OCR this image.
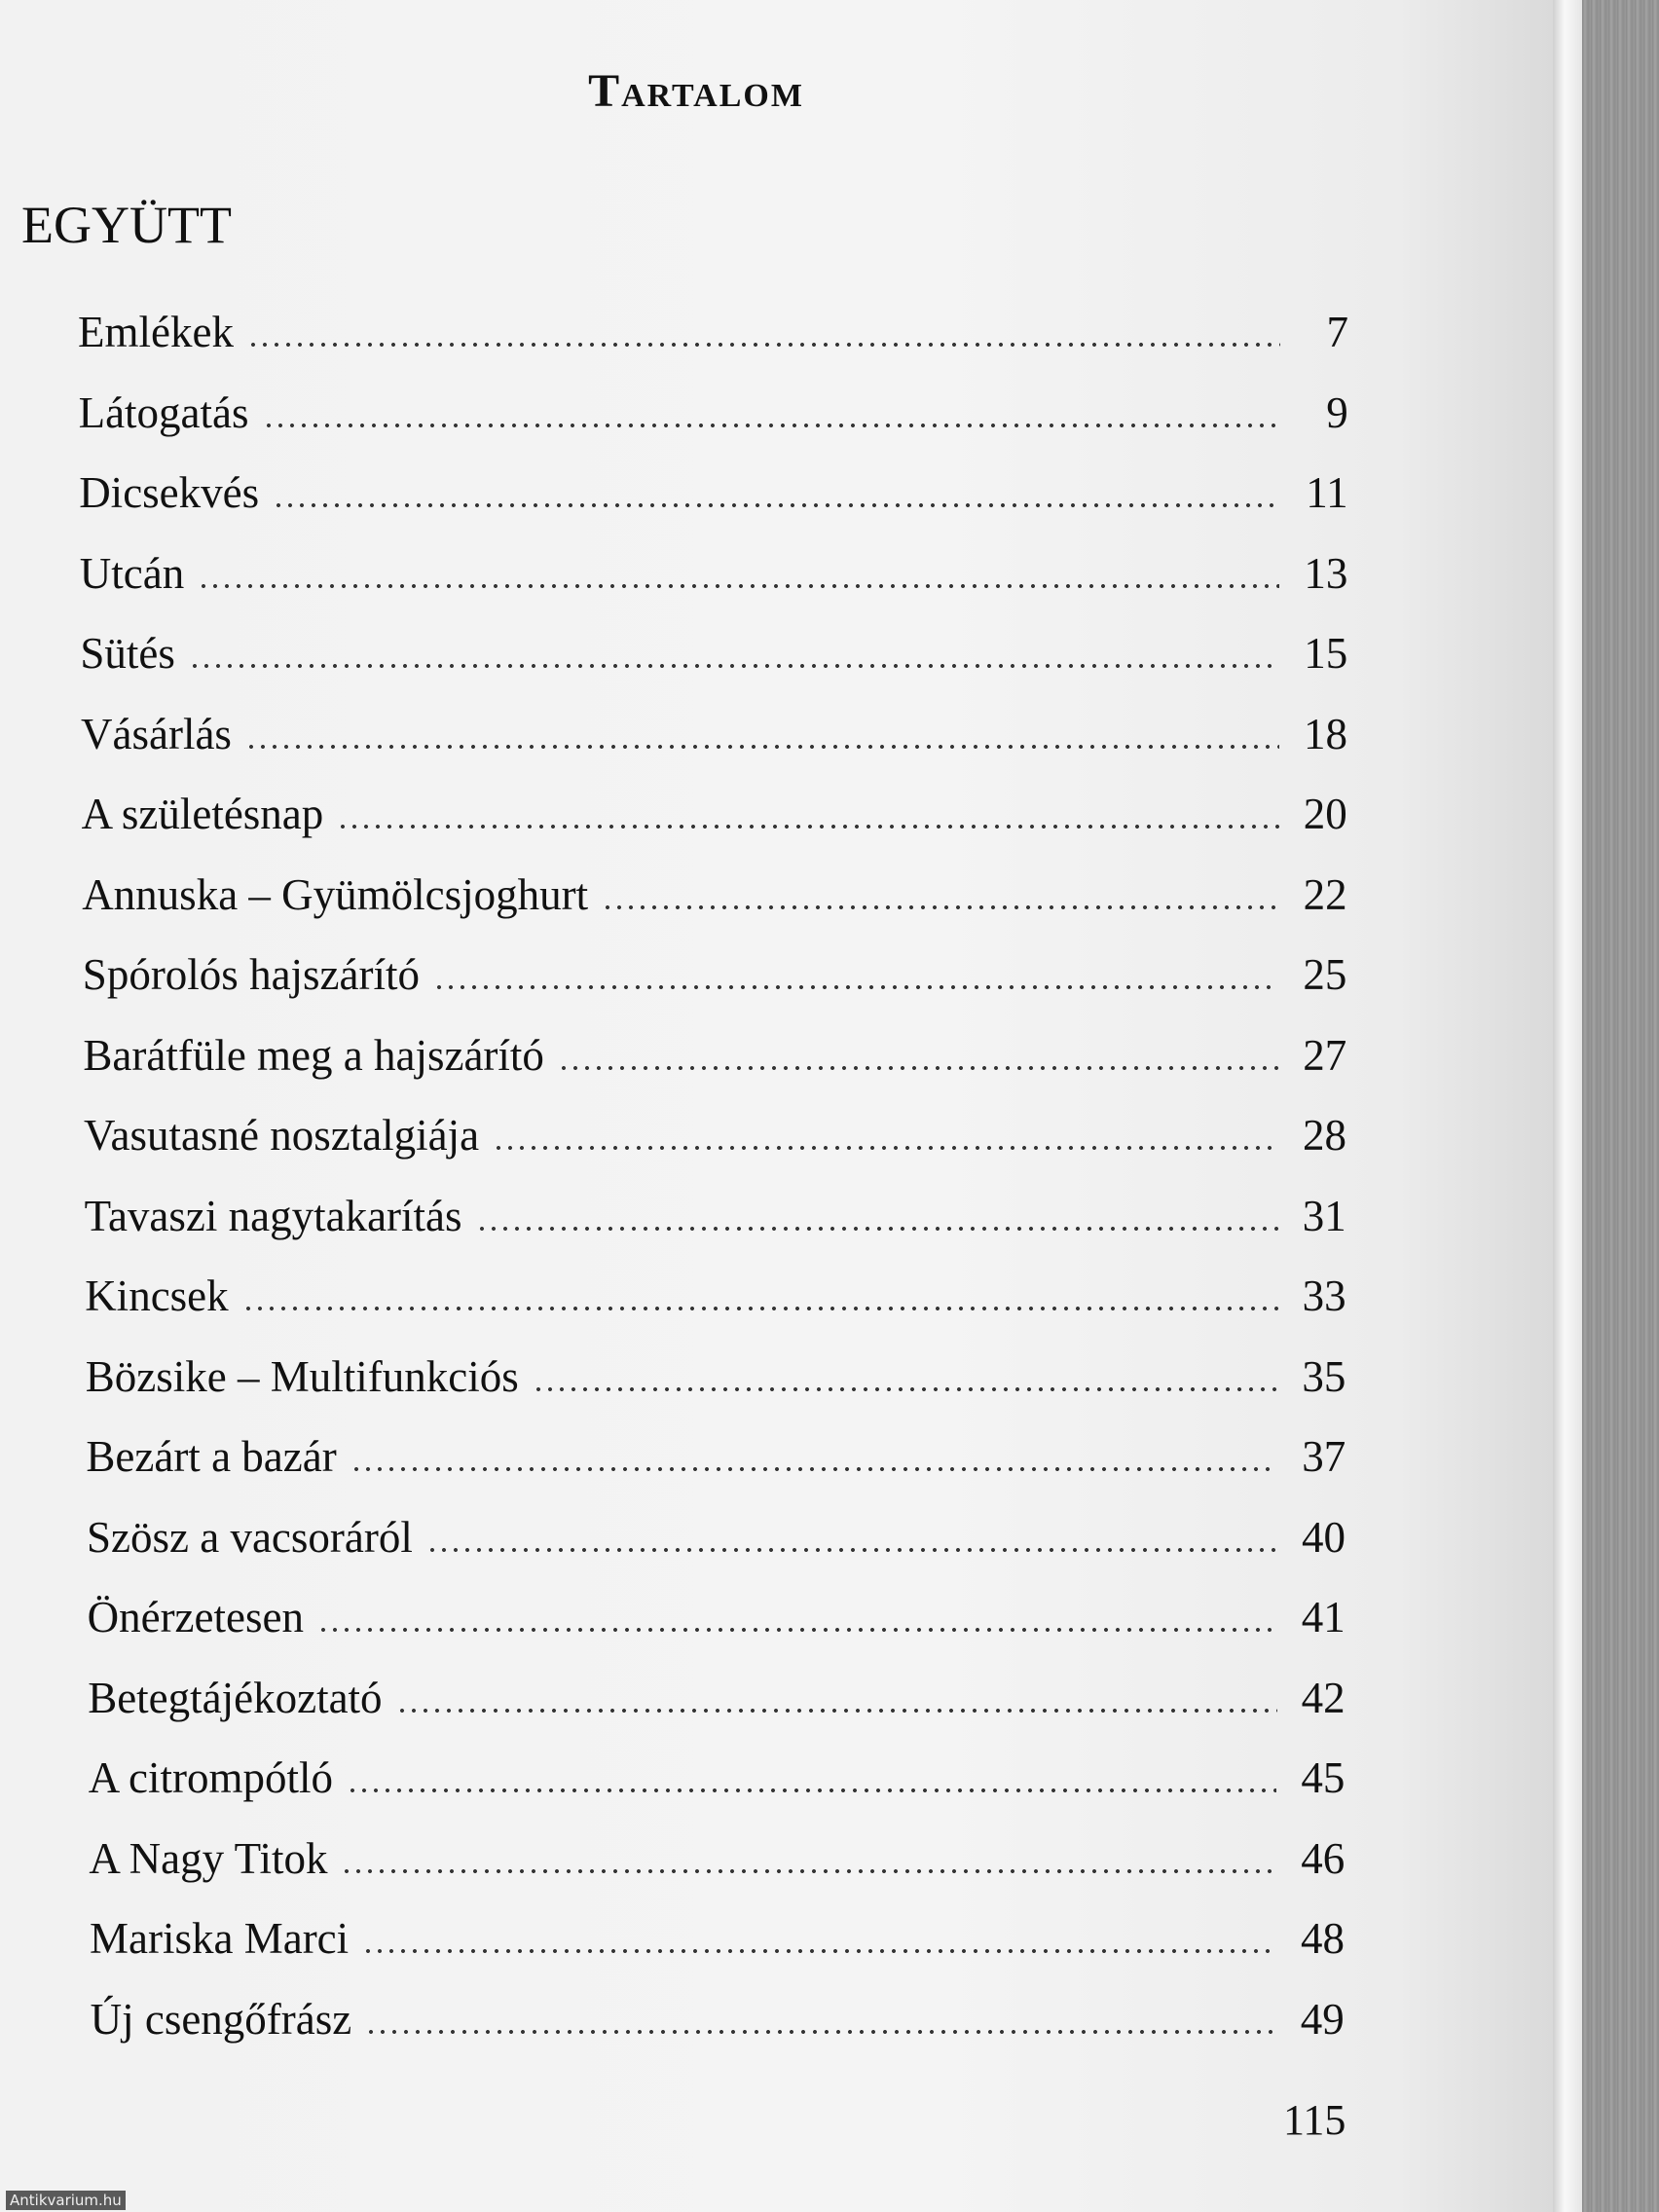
Tartalom
EGYÜTT
Emlékek	7
Látogatás	9
Dicsekvés	11
Utcán	13
Sütés	15
Vásárlás	18
A születésnap	20
Annuska – Gyümölcsjoghurt	22
Spórolós hajszárító	25
Barátfüle meg a hajszárító	27
Vasutasné nosztalgiája	28
Tavaszi nagytakarítás	31
Kincsek	33
Bözsike – Multifunkciós	35
Bezárt a bazár	37
Szösz a vacsoráról	40
Önérzetesen	41
Betegtájékoztató	42
A citrompótló	45
A Nagy Titok	46
Mariska Marci	48
Új csengőfrász	49
115
Antikvarium.hu
